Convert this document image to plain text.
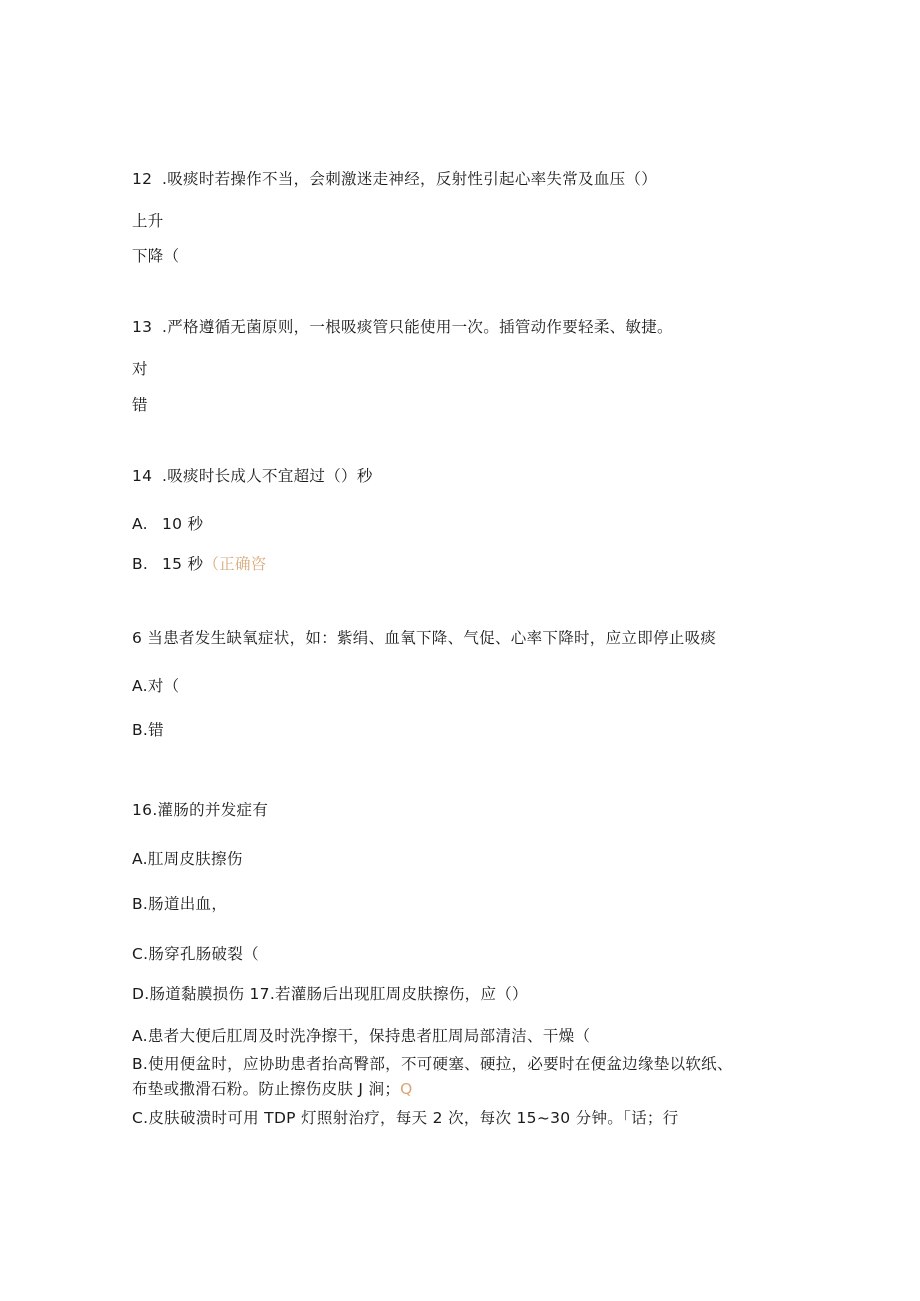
12 .吸痰时若操作不当，会刺激迷走神经，反射性引起心率失常及血压（）
上升
下降（
13 .严格遵循无菌原则，一根吸痰管只能使用一次。插管动作要轻柔、敏捷。
对
错
14 .吸痰时长成人不宜超过（）秒
A. 10 秒
B. 15 秒（正确咨
6 当患者发生缺氧症状，如：紫绢、血氧下降、气促、心率下降时，应立即停止吸痰
A.对（
B.错
16.灌肠的并发症有
A.肛周皮肤擦伤
B.肠道出血，
C.肠穿孔肠破裂（
D.肠道黏膜损伤 17.若灌肠后出现肛周皮肤擦伤，应（）
A.患者大便后肛周及时洗净擦干，保持患者肛周局部清洁、干燥（
B.使用便盆时，应协助患者抬高臀部，不可硬塞、硬拉，必要时在便盆边缘垫以软纸、
布垫或撒滑石粉。防止擦伤皮肤 J 涧；Q
C.皮肤破溃时可用 TDP 灯照射治疗，每天 2 次，每次 15~30 分钟。「话；行
